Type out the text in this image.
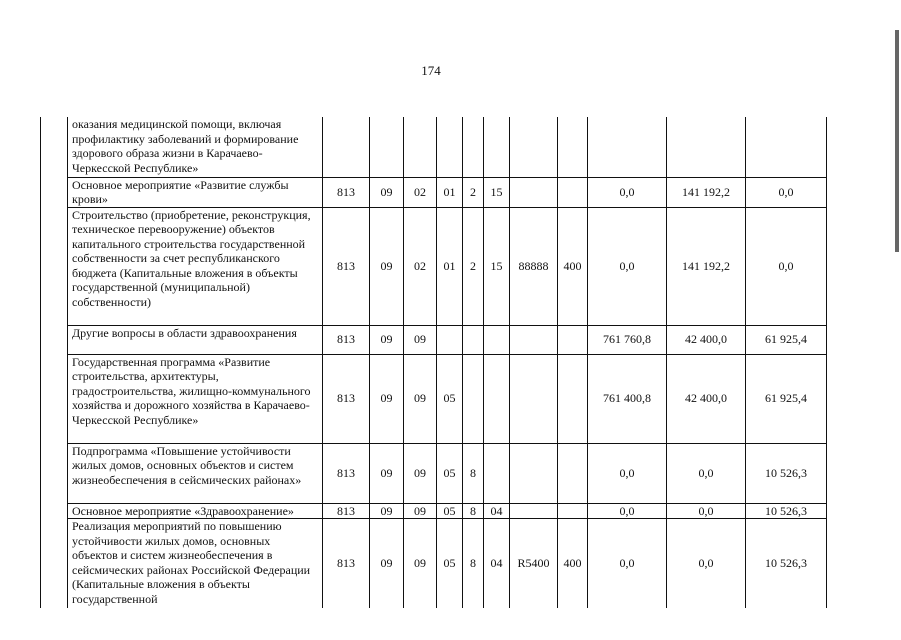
174
	оказания медицинской помощи, включая профилактику заболеваний и формирование здорового образа жизни в Карачаево-Черкесской Республике»											
	Основное мероприятие «Развитие службы крови»	813	09	02	01	2	15			0,0	141 192,2	0,0
	Строительство (приобретение, реконструкция, техническое перевооружение) объектов капитального строительства государственной собственности за счет республиканского бюджета (Капитальные вложения в объекты государственной (муниципальной) собственности)	813	09	02	01	2	15	88888	400	0,0	141 192,2	0,0
	Другие вопросы в области здравоохранения	813	09	09						761 760,8	42 400,0	61 925,4
	Государственная программа «Развитие строительства, архитектуры, градостроительства, жилищно-коммунального хозяйства и дорожного хозяйства в Карачаево-Черкесской Республике»	813	09	09	05					761 400,8	42 400,0	61 925,4
	Подпрограмма «Повышение устойчивости жилых домов, основных объектов и систем жизнеобеспечения в сейсмических районах»	813	09	09	05	8				0,0	0,0	10 526,3
	Основное мероприятие «Здравоохранение»	813	09	09	05	8	04			0,0	0,0	10 526,3
	Реализация мероприятий по повышению устойчивости жилых домов, основных объектов и систем жизнеобеспечения в сейсмических районах Российской Федерации (Капитальные вложения в объекты государственной	813	09	09	05	8	04	R5400	400	0,0	0,0	10 526,3
